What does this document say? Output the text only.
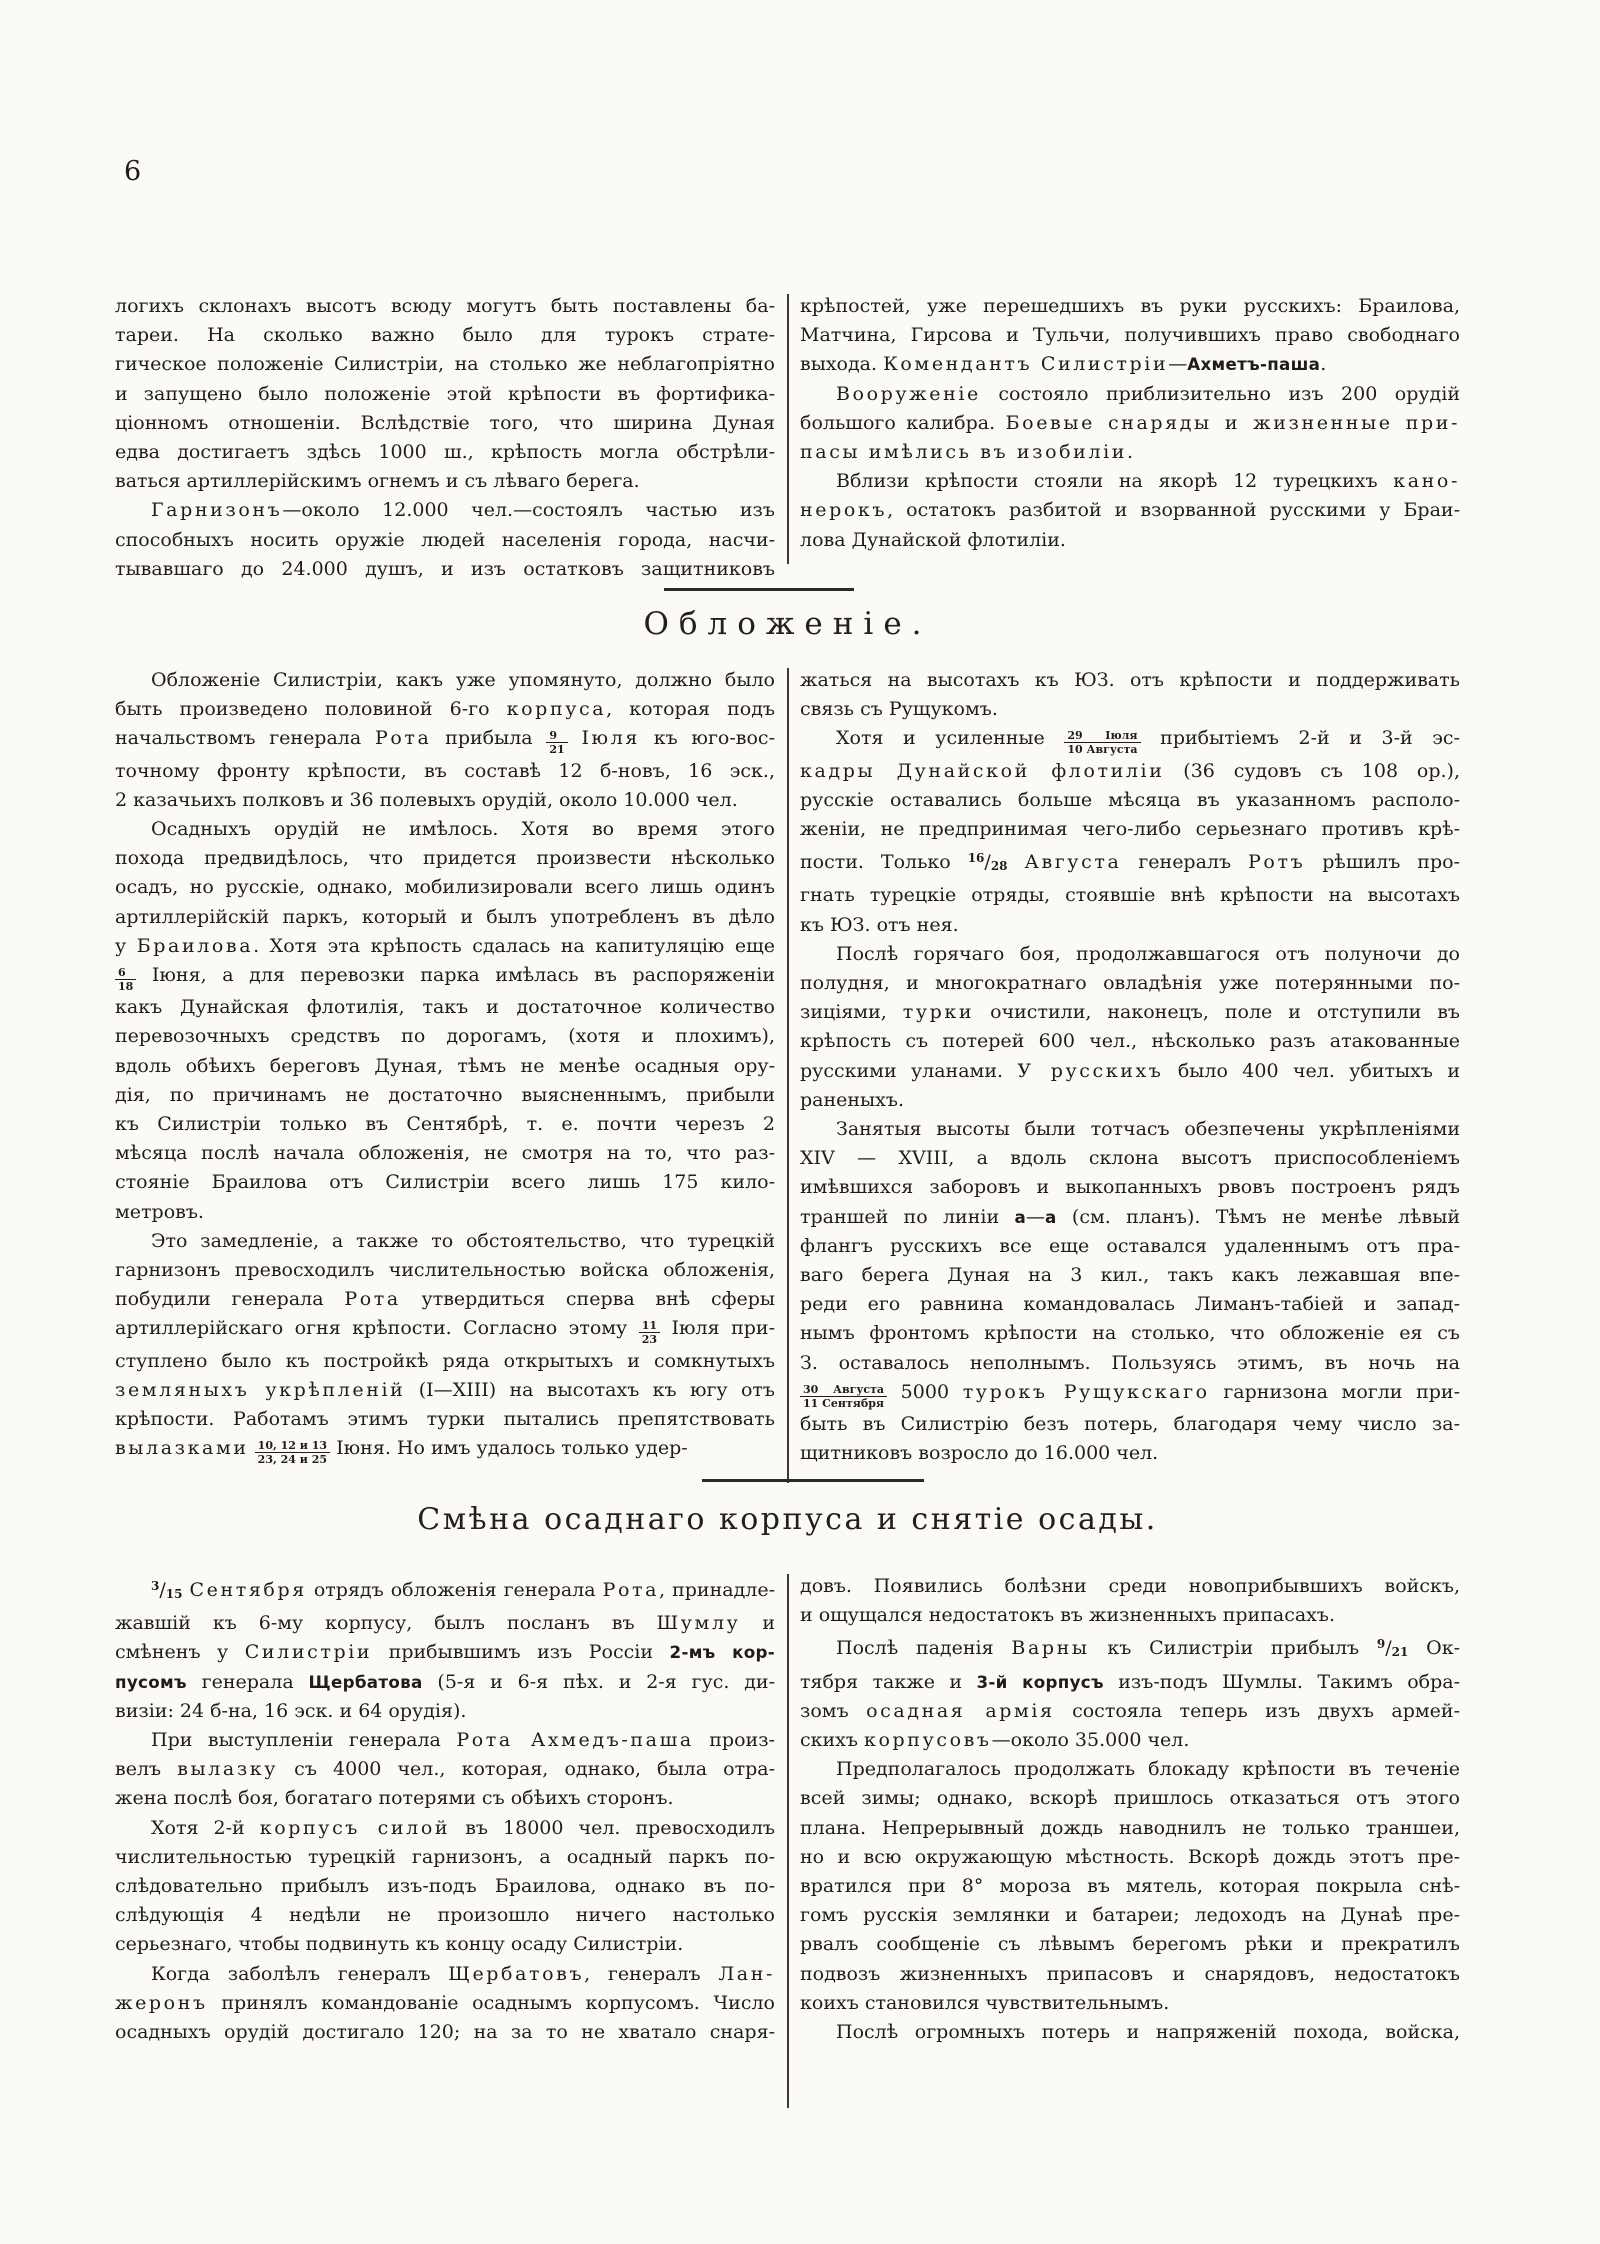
6
логихъ склонахъ высотъ всюду могутъ быть поставлены ба-
тареи. На сколько важно было для турокъ страте-
гическое положеніе Силистріи, на столько же неблагопріятно
и запущено было положеніе этой крѣпости въ фортифика-
ціонномъ отношеніи. Вслѣдствіе того, что ширина Дуная
едва достигаетъ здѣсь 1000 ш., крѣпость могла обстрѣли-
ваться артиллерійскимъ огнемъ и съ лѣваго берега.
Гарнизонъ—около 12.000 чел.—состоялъ частью изъ
способныхъ носить оружіе людей населенія города, насчи-
тывавшаго до 24.000 душъ, и изъ остатковъ защитниковъ
крѣпостей, уже перешедшихъ въ руки русскихъ: Браилова,
Матчина, Гирсова и Тульчи, получившихъ право свободнаго
выхода. Комендантъ Силистріи—Ахметъ-паша.
Вооруженіе состояло приблизительно изъ 200 орудій
большого калибра. Боевые снаряды и жизненные при-
пасы имѣлись въ изобиліи.
Вблизи крѣпости стояли на якорѣ 12 турецкихъ кано-
нерокъ, остатокъ разбитой и взорванной русскими у Браи-
лова Дунайской флотиліи.
Обложеніе.
Обложеніе Силистріи, какъ уже упомянуто, должно было
быть произведено половиной 6-го корпуса, которая подъ
начальствомъ генерала Рота прибыла $\frac{9}{21}$ Іюля къ юго-вос-
точному фронту крѣпости, въ составѣ 12 б-новъ, 16 эск.,
2 казачьихъ полковъ и 36 полевыхъ орудій, около 10.000 чел.
Осадныхъ орудій не имѣлось. Хотя во время этого
похода предвидѣлось, что придется произвести нѣсколько
осадъ, но русскіе, однако, мобилизировали всего лишь одинъ
артиллерійскій паркъ, который и былъ употребленъ въ дѣло
у Браилова. Хотя эта крѣпость сдалась на капитуляцію еще
$\frac{6}{18}$ Іюня, а для перевозки парка имѣлась въ распоряженіи
какъ Дунайская флотилія, такъ и достаточное количество
перевозочныхъ средствъ по дорогамъ, (хотя и плохимъ),
вдоль обѣихъ береговъ Дуная, тѣмъ не менѣе осадныя ору-
дія, по причинамъ не достаточно выясненнымъ, прибыли
къ Силистріи только въ Сентябрѣ, т. е. почти черезъ 2
мѣсяца послѣ начала обложенія, не смотря на то, что раз-
стояніе Браилова отъ Силистріи всего лишь 175 кило-
метровъ.
Это замедленіе, а также то обстоятельство, что турецкій
гарнизонъ превосходилъ числительностью войска обложенія,
побудили генерала Рота утвердиться сперва внѣ сферы
артиллерійскаго огня крѣпости. Согласно этому $\frac{11}{23}$ Іюля при-
ступлено было къ постройкѣ ряда открытыхъ и сомкнутыхъ
земляныхъ укрѣпленій (I—XIII) на высотахъ къ югу отъ
крѣпости. Работамъ этимъ турки пытались препятствовать
вылазками 10, 12 и 13
23, 24 и 25
Іюня. Но имъ удалось только удер-
жаться на высотахъ къ ЮЗ. отъ крѣпости и поддерживать
связь съ Рущукомъ.
Хотя и усиленные 29 Іюля
10 Августа
прибытіемъ 2-й и 3-й эс-
кадры Дунайской флотиліи (36 судовъ съ 108 ор.),
русскіе оставались больше мѣсяца въ указанномъ располо-
женіи, не предпринимая чего-либо серьезнаго противъ крѣ-
пости. Только $^{16}$/28 Августа генералъ Ротъ рѣшилъ про-
гнать турецкіе отряды, стоявшіе внѣ крѣпости на высотахъ
къ ЮЗ. отъ нея.
Послѣ горячаго боя, продолжавшагося отъ полуночи до
полудня, и многократнаго овладѣнія уже потерянными по-
зиціями, турки очистили, наконецъ, поле и отступили въ
крѣпость съ потерей 600 чел., нѣсколько разъ атакованные
русскими уланами. У русскихъ было 400 чел. убитыхъ и
раненыхъ.
Занятыя высоты были тотчасъ обезпечены укрѣпленіями
XIV — XVIII, а вдоль склона высотъ приспособленіемъ
имѣвшихся заборовъ и выкопанныхъ рвовъ построенъ рядъ
траншей по линіи а—а (см. планъ). Тѣмъ не менѣе лѣвый
флангъ русскихъ все еще оставался удаленнымъ отъ пра-
ваго берега Дуная на 3 кил., такъ какъ лежавшая впе-
реди его равнина командовалась Лиманъ-табіей и запад-
нымъ фронтомъ крѣпости на столько, что обложеніе ея съ
З. оставалось неполнымъ. Пользуясь этимъ, въ ночь на
30 Августа
11 Сентября
5000 турокъ Рущукскаго гарнизона могли при-
быть въ Силистрію безъ потерь, благодаря чему число за-
щитниковъ возросло до 16.000 чел.
Смѣна осаднаго корпуса и снятіе осады.
$^3$/15 Сентября отрядъ обложенія генерала Рота, принадле-
жавшій къ 6-му корпусу, былъ посланъ въ Шумлу и
смѣненъ у Силистріи прибывшимъ изъ Россіи 2-мъ кор-
пусомъ генерала Щербатова (5-я и 6-я пѣх. и 2-я гус. ди-
визіи: 24 б-на, 16 эск. и 64 орудія).
При выступленіи генерала Рота Ахмедъ-паша произ-
велъ вылазку съ 4000 чел., которая, однако, была отра-
жена послѣ боя, богатаго потерями съ обѣихъ сторонъ.
Хотя 2-й корпусъ силой въ 18000 чел. превосходилъ
числительностью турецкій гарнизонъ, а осадный паркъ по-
слѣдовательно прибылъ изъ-подъ Браилова, однако въ по-
слѣдующія 4 недѣли не произошло ничего настолько
серьезнаго, чтобы подвинуть къ концу осаду Силистріи.
Когда заболѣлъ генералъ Щербатовъ, генералъ Лан-
жеронъ принялъ командованіе осаднымъ корпусомъ. Число
осадныхъ орудій достигало 120; на за то не хватало снаря-
довъ. Появились болѣзни среди новоприбывшихъ войскъ,
и ощущался недостатокъ въ жизненныхъ припасахъ.
Послѣ паденія Варны къ Силистріи прибылъ $^9$/21 Ок-
тября также и 3-й корпусъ изъ-подъ Шумлы. Такимъ обра-
зомъ осадная армія состояла теперь изъ двухъ армей-
скихъ корпусовъ—около 35.000 чел.
Предполагалось продолжать блокаду крѣпости въ теченіе
всей зимы; однако, вскорѣ пришлось отказаться отъ этого
плана. Непрерывный дождь наводнилъ не только траншеи,
но и всю окружающую мѣстность. Вскорѣ дождь этотъ пре-
вратился при 8° мороза въ мятель, которая покрыла снѣ-
гомъ русскія землянки и батареи; ледоходъ на Дунаѣ пре-
рвалъ сообщеніе съ лѣвымъ берегомъ рѣки и прекратилъ
подвозъ жизненныхъ припасовъ и снарядовъ, недостатокъ
коихъ становился чувствительнымъ.
Послѣ огромныхъ потерь и напряженій похода, войска,
